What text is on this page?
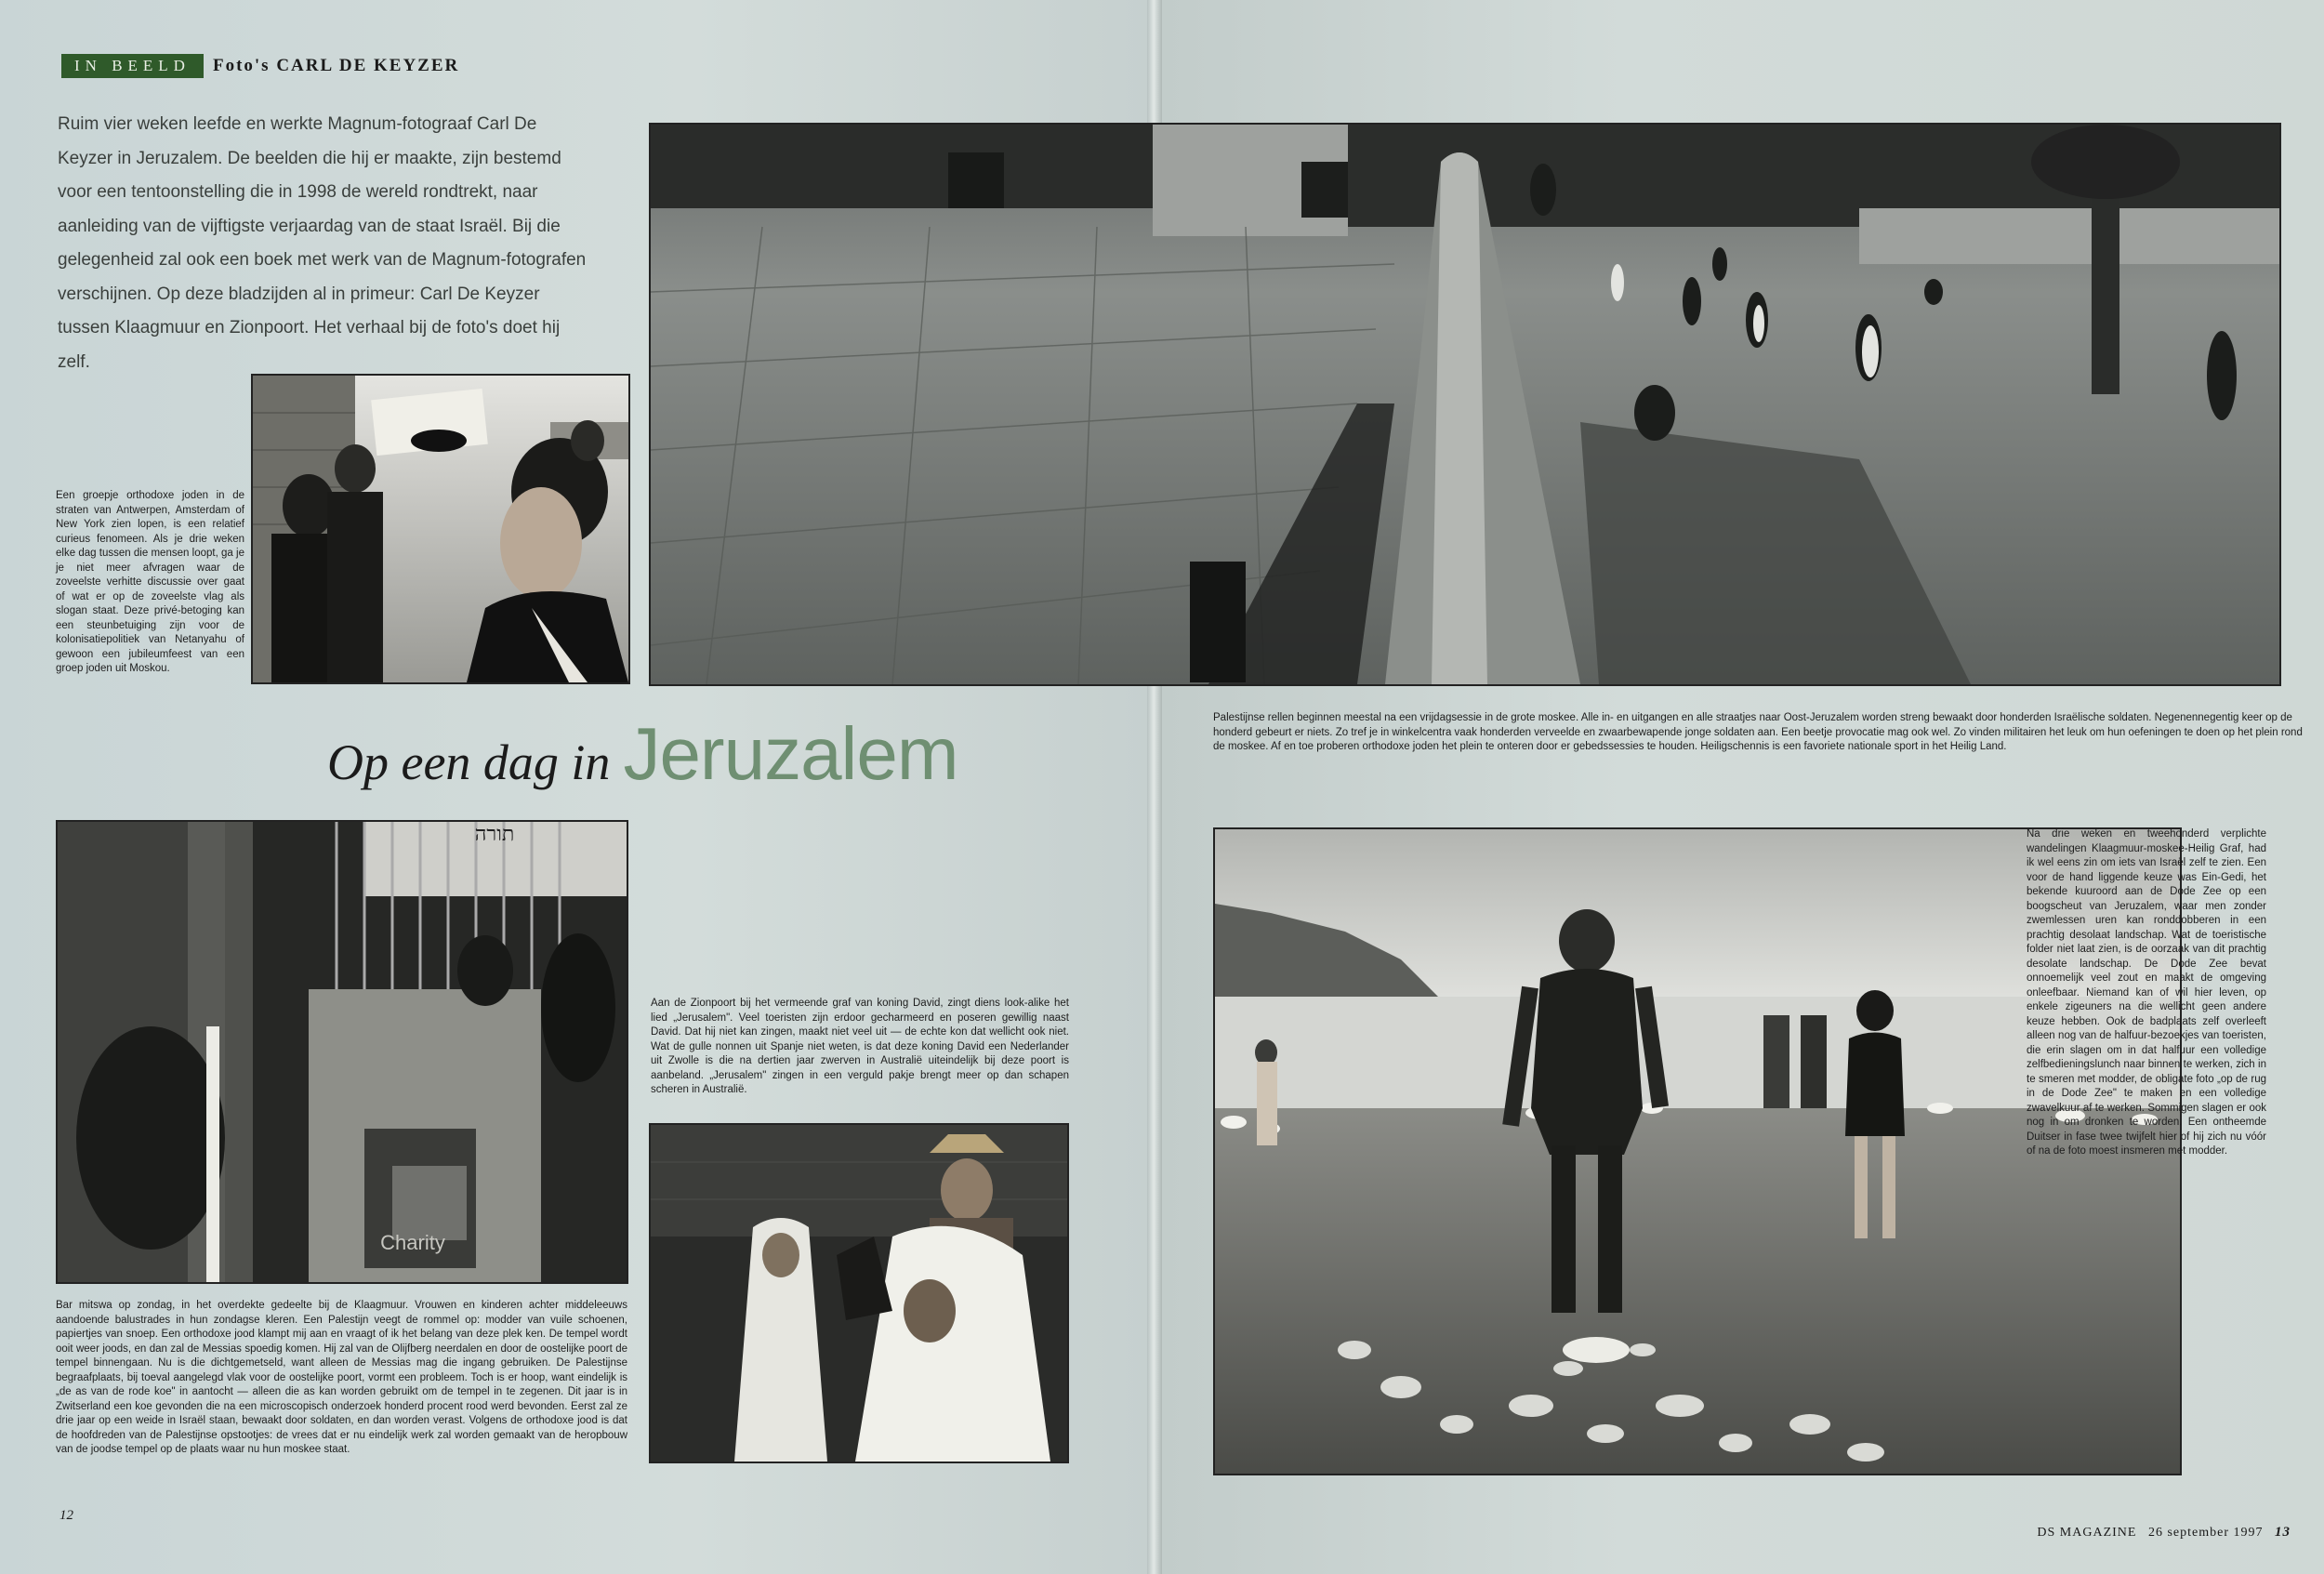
IN BEELD	Foto's CARL DE KEYZER
Ruim vier weken leefde en werkte Magnum-fotograaf Carl De Keyzer in Jeruzalem. De beelden die hij er maakte, zijn bestemd voor een tentoonstelling die in 1998 de wereld rondtrekt, naar aanleiding van de vijftigste verjaardag van de staat Israël. Bij die gelegenheid zal ook een boek met werk van de Magnum-fotografen verschijnen. Op deze bladzijden al in primeur: Carl De Keyzer tussen Klaagmuur en Zionpoort. Het verhaal bij de foto's doet hij zelf.
Een groepje orthodoxe joden in de straten van Antwerpen, Amsterdam of New York zien lopen, is een relatief curieus fenomeen. Als je drie weken elke dag tussen die mensen loopt, ga je je niet meer afvragen waar de zoveelste verhitte discussie over gaat of wat er op de zoveelste vlag als slogan staat. Deze privé-betoging kan een steunbetuiging zijn voor de kolonisatiepolitiek van Netanyahu of gewoon een jubileumfeest van een groep joden uit Moskou.
Palestijnse rellen beginnen meestal na een vrijdagsessie in de grote moskee. Alle in- en uitgangen en alle straatjes naar Oost-Jeruzalem worden streng bewaakt door honderden Israëlische soldaten. Negenennegentig keer op de honderd gebeurt er niets. Zo tref je in winkelcentra vaak honderden verveelde en zwaarbewapende jonge soldaten aan. Een beetje provocatie mag ook wel. Zo vinden militairen het leuk om hun oefeningen te doen op het plein rond de moskee. Af en toe proberen orthodoxe joden het plein te onteren door er gebedssessies te houden. Heiligschennis is een favoriete nationale sport in het Heilig Land.
Op een dag in Jeruzalem
תורה
Charity
Bar mitswa op zondag, in het overdekte gedeelte bij de Klaagmuur. Vrouwen en kinderen achter middeleeuws aandoende balustrades in hun zondagse kleren. Een Palestijn veegt de rommel op: modder van vuile schoenen, papiertjes van snoep. Een orthodoxe jood klampt mij aan en vraagt of ik het belang van deze plek ken. De tempel wordt ooit weer joods, en dan zal de Messias spoedig komen. Hij zal van de Olijfberg neerdalen en door de oostelijke poort de tempel binnengaan. Nu is die dichtgemetseld, want alleen de Messias mag die ingang gebruiken. De Palestijnse begraafplaats, bij toeval aangelegd vlak voor de oostelijke poort, vormt een probleem. Toch is er hoop, want eindelijk is „de as van de rode koe" in aantocht — alleen die as kan worden gebruikt om de tempel in te zegenen. Dit jaar is in Zwitserland een koe gevonden die na een microscopisch onderzoek honderd procent rood werd bevonden. Eerst zal ze drie jaar op een weide in Israël staan, bewaakt door soldaten, en dan worden verast. Volgens de orthodoxe jood is dat de hoofdreden van de Palestijnse opstootjes: de vrees dat er nu eindelijk werk zal worden gemaakt van de heropbouw van de joodse tempel op de plaats waar nu hun moskee staat.
Aan de Zionpoort bij het vermeende graf van koning David, zingt diens look-alike het lied „Jerusalem". Veel toeristen zijn erdoor gecharmeerd en poseren gewillig naast David. Dat hij niet kan zingen, maakt niet veel uit — de echte kon dat wellicht ook niet. Wat de gulle nonnen uit Spanje niet weten, is dat deze koning David een Nederlander uit Zwolle is die na dertien jaar zwerven in Australië uiteindelijk bij deze poort is aanbeland. „Jerusalem" zingen in een verguld pakje brengt meer op dan schapen scheren in Australië.
Na drie weken en tweehonderd verplichte wandelingen Klaagmuur-moskee-Heilig Graf, had ik wel eens zin om iets van Israël zelf te zien. Een voor de hand liggende keuze was Ein-Gedi, het bekende kuuroord aan de Dode Zee op een boogscheut van Jeruzalem, waar men zonder zwemlessen uren kan ronddobberen in een prachtig desolaat landschap. Wat de toeristische folder niet laat zien, is de oorzaak van dit prachtig desolate landschap. De Dode Zee bevat onnoemelijk veel zout en maakt de omgeving onleefbaar. Niemand kan of wil hier leven, op enkele zigeuners na die wellicht geen andere keuze hebben. Ook de badplaats zelf overleeft alleen nog van de halfuur-bezoekjes van toeristen, die erin slagen om in dat halfuur een volledige zelfbedieningslunch naar binnen te werken, zich in te smeren met modder, de obligate foto „op de rug in de Dode Zee" te maken en een volledige zwavelkuur af te werken. Sommigen slagen er ook nog in om dronken te worden. Een ontheemde Duitser in fase twee twijfelt hier of hij zich nu vóór of na de foto moest insmeren met modder.
12
DS MAGAZINE 26 september 1997 13
